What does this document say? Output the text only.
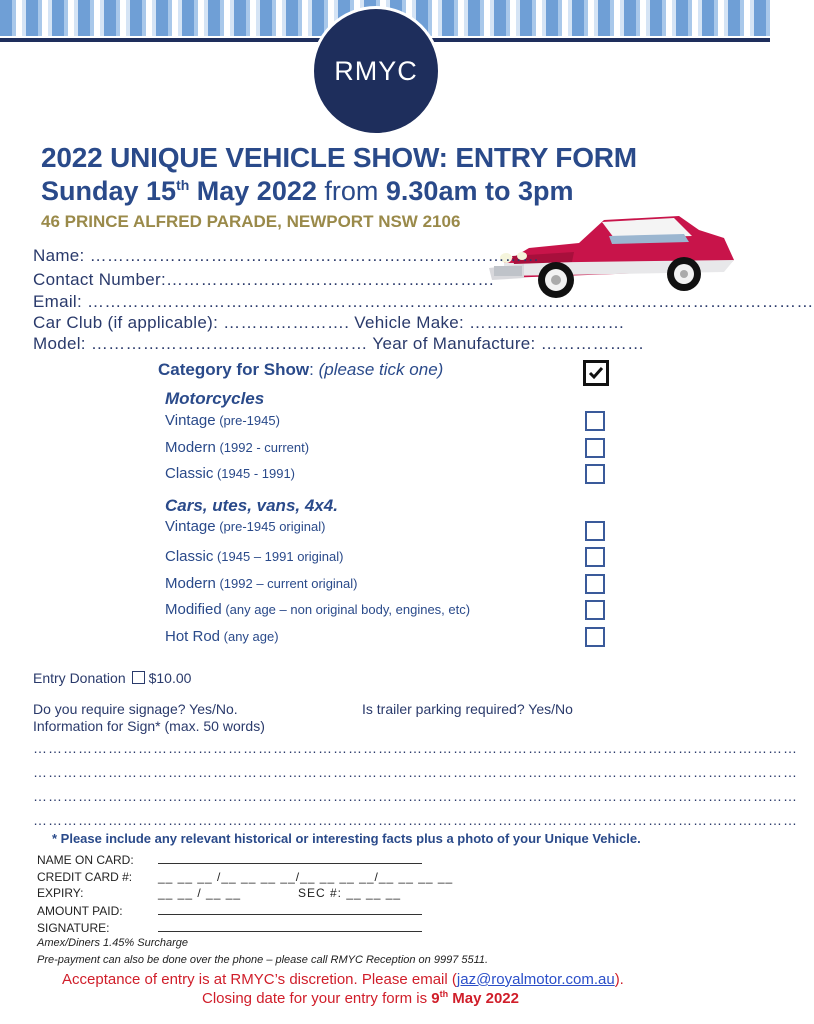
RMYC
2022 UNIQUE VEHICLE SHOW: ENTRY FORM
Sunday 15th May 2022 from 9.30am to 3pm
46 PRINCE ALFRED PARADE, NEWPORT NSW 2106
Name: ……………………………………………………………………
Contact Number:…………………………………………………
Email: ………………………………………………………………………………………………………………
Car Club (if applicable): …………………. Vehicle Make: ………………………
Model: ………………………………………… Year of Manufacture: ………………
Category for Show: (please tick one)
Motorcycles
Vintage (pre-1945)
Modern (1992 - current)
Classic (1945 - 1991)
Cars, utes, vans, 4x4.
Vintage (pre-1945 original)
Classic (1945 – 1991 original)
Modern (1992 – current original)
Modified (any age – non original body, engines, etc)
Hot Rod (any age)
Entry Donation $10.00
Do you require signage? Yes/No.	Is trailer parking required? Yes/No
Information for Sign* (max. 50 words)
………………………………………………………………………………………………………………………………………
………………………………………………………………………………………………………………………………………
………………………………………………………………………………………………………………………………………
………………………………………………………………………………………………………………………………………
* Please include any relevant historical or interesting facts plus a photo of your Unique Vehicle.
NAME ON CARD:
CREDIT CARD #: __ __ __ /__ __ __ __/__ __ __ __/__ __ __ __
EXPIRY:	__ __ / __ __	SEC #: __ __ __
AMOUNT PAID:
SIGNATURE:
Amex/Diners 1.45% Surcharge
Pre-payment can also be done over the phone – please call RMYC Reception on 9997 5511.
Acceptance of entry is at RMYC’s discretion. Please email (jaz@royalmotor.com.au).
Closing date for your entry form is 9th May 2022
